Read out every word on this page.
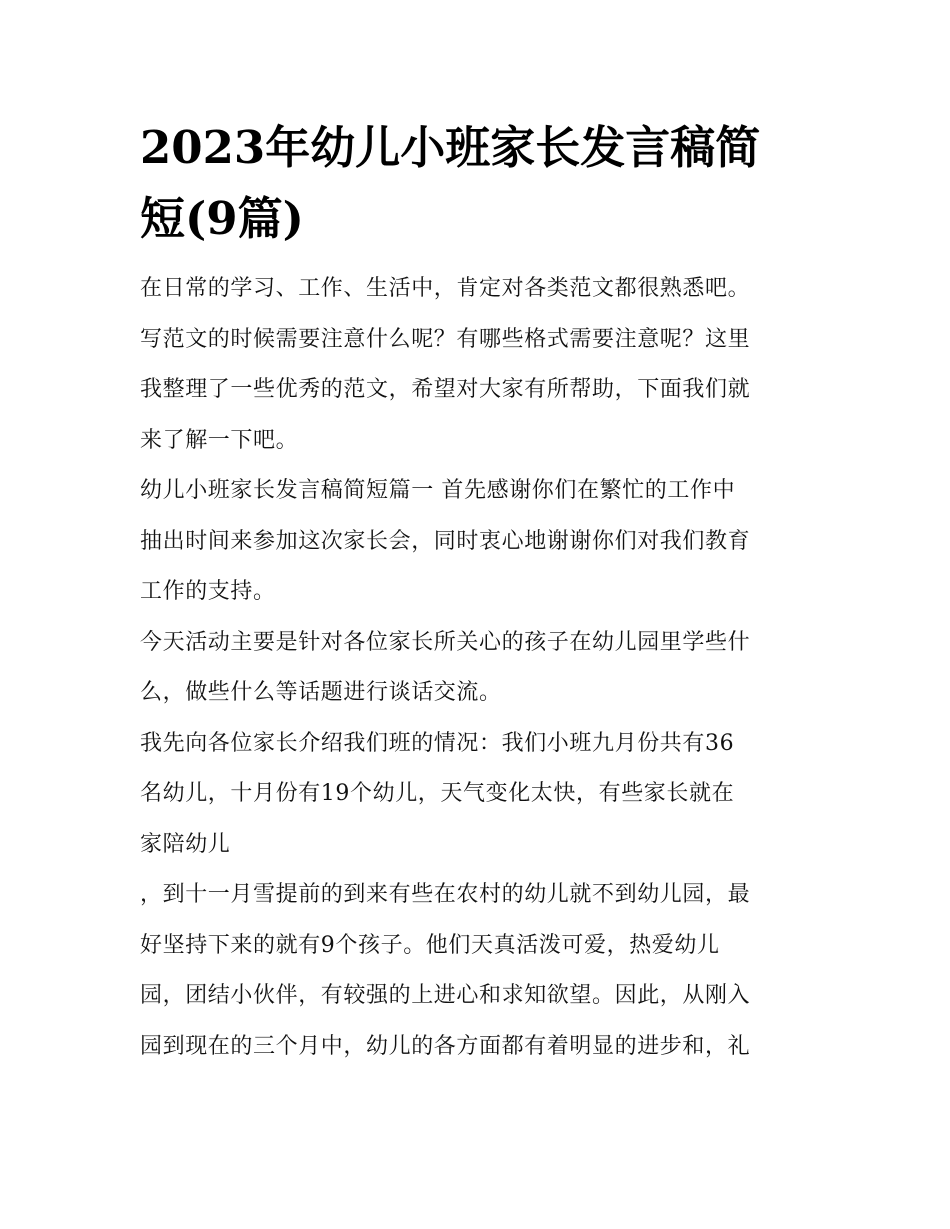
2023年幼儿小班家长发言稿简
短(9篇)
在日常的学习、工作、生活中，肯定对各类范文都很熟悉吧。
写范文的时候需要注意什么呢？有哪些格式需要注意呢？这里
我整理了一些优秀的范文，希望对大家有所帮助，下面我们就
来了解一下吧。
幼儿小班家长发言稿简短篇一 首先感谢你们在繁忙的工作中
抽出时间来参加这次家长会，同时衷心地谢谢你们对我们教育
工作的支持。
今天活动主要是针对各位家长所关心的孩子在幼儿园里学些什
么，做些什么等话题进行谈话交流。
我先向各位家长介绍我们班的情况：我们小班九月份共有36
名幼儿，十月份有19个幼儿，天气变化太快，有些家长就在
家陪幼儿
，到十一月雪提前的到来有些在农村的幼儿就不到幼儿园，最
好坚持下来的就有9个孩子。他们天真活泼可爱，热爱幼儿
园，团结小伙伴，有较强的上进心和求知欲望。因此，从刚入
园到现在的三个月中，幼儿的各方面都有着明显的进步和，礼
